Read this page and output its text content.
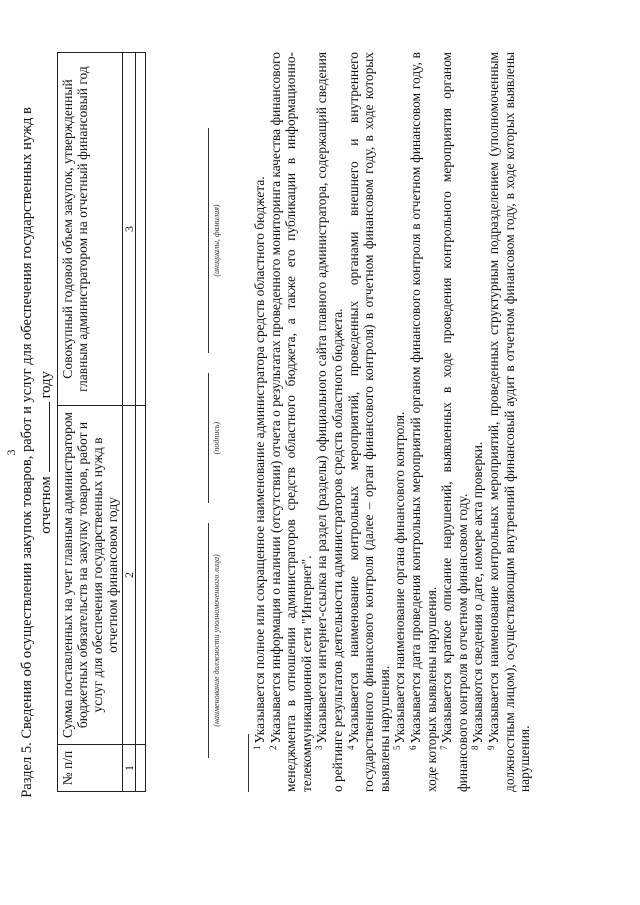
3 Раздел 5. Сведения об осуществлении закупок товаров, работ и услуг для обеспечения государственных нужд в отчетномгоду
№ п/п	Сумма поставленных на учет главным администратором бюджетных обязательств на закупку товаров, работ и услуг для обеспечения государственных нужд в отчетном финансовом году	Совокупный годовой объем закупок, утвержденный главным администратором на отчетный финансовый год
1	2	3

(наименование должности уполномоченного лица)
(подпись)
(инициалы, фамилия)

$^1$Указывается полное или сокращенное наименование администратора средств областного бюджета.

$^2$Указывается информация о наличии (отсутствии) отчета о результатах проведенного мониторинга качества финансового менеджмента в отношении администраторов средств областного бюджета, а также его публикации в информационно-телекоммуникационной сети "Интернет". $^3$Указывается интернет-ссылка на раздел (разделы) официального сайта главного администратора, содержащий сведения о рейтинге результатов деятельности администраторов средств областного бюджета. $^4$Указывается наименование контрольных мероприятий, проведенных органами внешнего и внутреннего государственного финансового контроля (далее – орган финансового контроля) в отчетном финансовом году, в ходе которых выявлены нарушения. $^5$Указывается наименование органа финансового контроля.

$^6$Указывается дата проведения контрольных мероприятий органом финансового контроля в отчетном финансовом году, в ходе которых выявлены нарушения. $^7$Указывается краткое описание нарушений, выявленных в ходе проведения контрольного мероприятия органом финансового контроля в отчетном финансовом году. $^8$Указываются сведения о дате, номере акта проверки.

$^9$Указывается наименование контрольных мероприятий, проведенных структурным подразделением (уполномоченным должностным лицом), осуществляющим внутренний финансовый аудит в отчетном финансовом году, в ходе которых выявлены нарушения.
